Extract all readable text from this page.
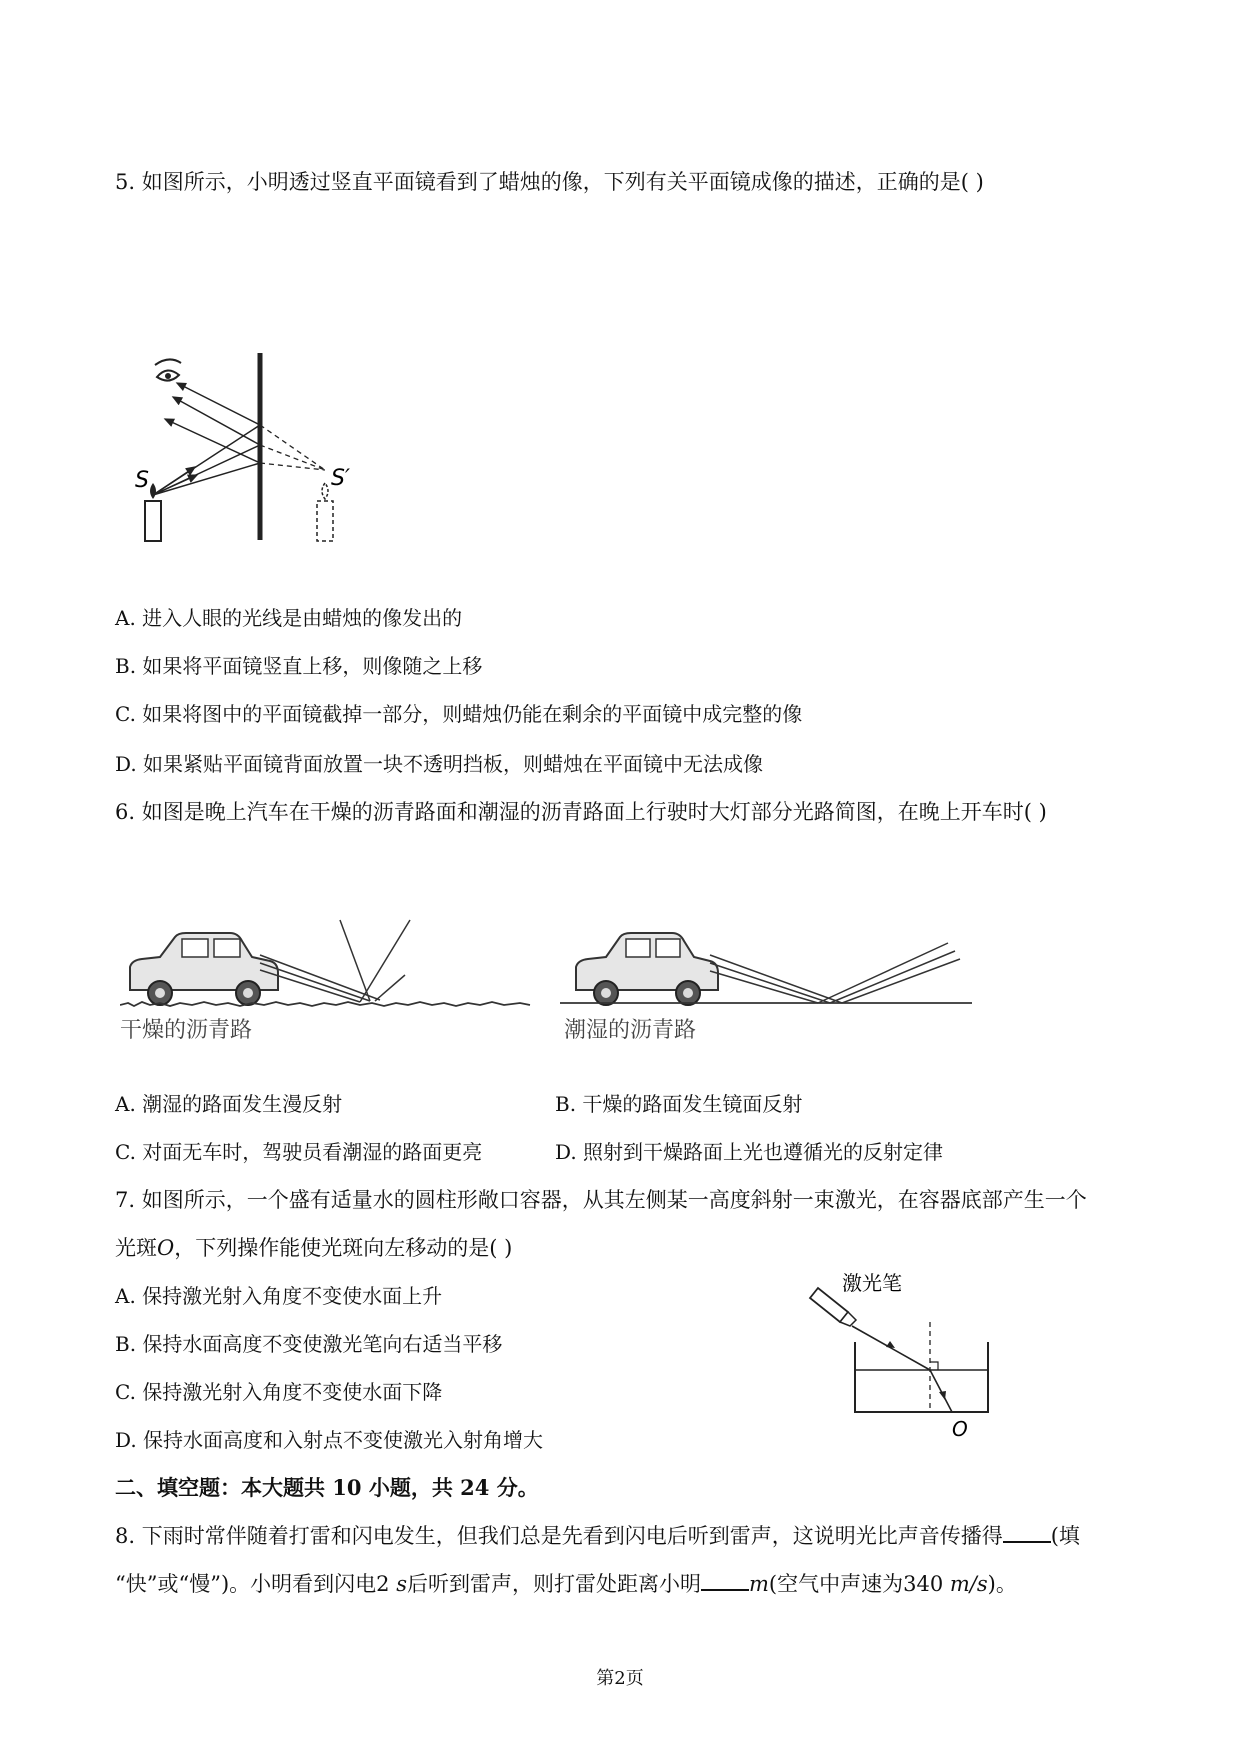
5. 如图所示，小明透过竖直平面镜看到了蜡烛的像，下列有关平面镜成像的描述，正确的是( )
S	S′
A. 进入人眼的光线是由蜡烛的像发出的
B. 如果将平面镜竖直上移，则像随之上移
C. 如果将图中的平面镜截掉一部分，则蜡烛仍能在剩余的平面镜中成完整的像
D. 如果紧贴平面镜背面放置一块不透明挡板，则蜡烛在平面镜中无法成像
6. 如图是晚上汽车在干燥的沥青路面和潮湿的沥青路面上行驶时大灯部分光路简图，在晚上开车时( )
干燥的沥青路	潮湿的沥青路
A. 潮湿的路面发生漫反射	B. 干燥的路面发生镜面反射
C. 对面无车时，驾驶员看潮湿的路面更亮	D. 照射到干燥路面上光也遵循光的反射定律
7. 如图所示，一个盛有适量水的圆柱形敞口容器，从其左侧某一高度斜射一束激光，在容器底部产生一个
光斑O，下列操作能使光斑向左移动的是( )
A. 保持激光射入角度不变使水面上升
B. 保持水面高度不变使激光笔向右适当平移
C. 保持激光射入角度不变使水面下降
D. 保持水面高度和入射点不变使激光入射角增大
激光笔
O
二、填空题：本大题共 10 小题，共 24 分。
8. 下雨时常伴随着打雷和闪电发生，但我们总是先看到闪电后听到雷声，这说明光比声音传播得 (填
“快”或“慢”)。小明看到闪电2 s后听到雷声，则打雷处距离小明 m(空气中声速为340 m/s)。
第2页
